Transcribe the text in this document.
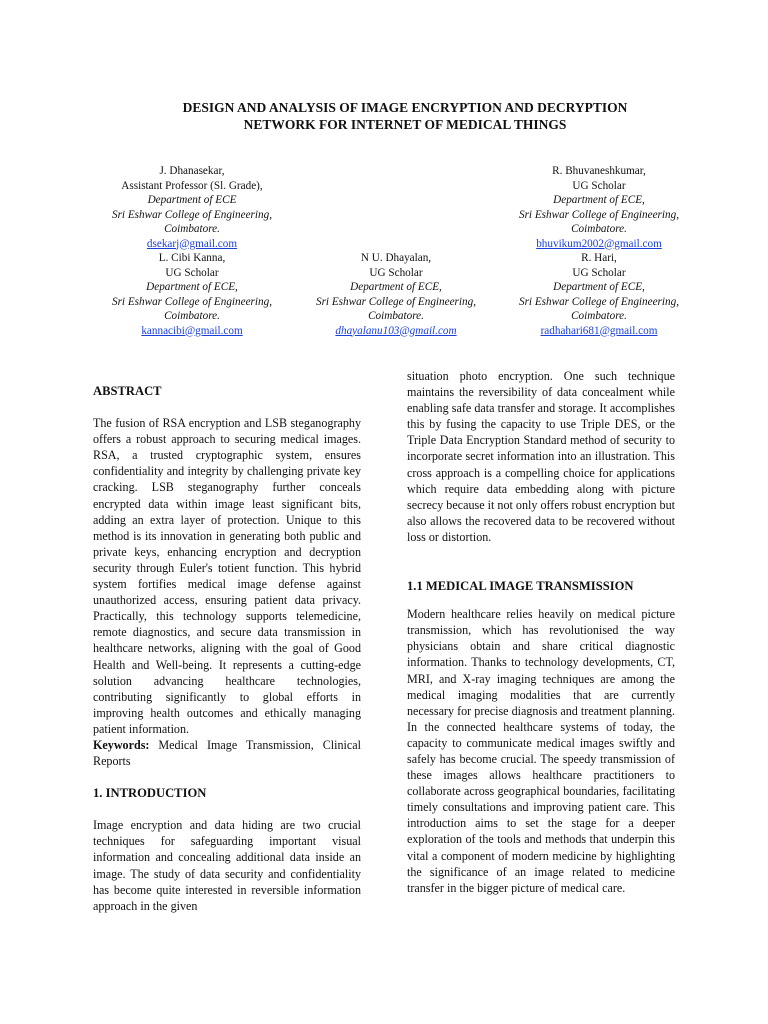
DESIGN AND ANALYSIS OF IMAGE ENCRYPTION AND DECRYPTION
NETWORK FOR INTERNET OF MEDICAL THINGS
J. Dhanasekar,
Assistant Professor (Sl. Grade),
Department of ECE
Sri Eshwar College of Engineering,
Coimbatore.
dsekarj@gmail.com
R. Bhuvaneshkumar,
UG Scholar
Department of ECE,
Sri Eshwar College of Engineering,
Coimbatore.
bhuvikum2002@gmail.com
L. Cibi Kanna,
UG Scholar
Department of ECE,
Sri Eshwar College of Engineering,
Coimbatore.
kannacibi@gmail.com
N U. Dhayalan,
UG Scholar
Department of ECE,
Sri Eshwar College of Engineering,
Coimbatore.
dhayalanu103@gmail.com
R. Hari,
UG Scholar
Department of ECE,
Sri Eshwar College of Engineering,
Coimbatore.
radhahari681@gmail.com

ABSTRACT

The fusion of RSA encryption and LSB steganography offers a robust approach to securing medical images. RSA, a trusted cryptographic system, ensures confidentiality and integrity by challenging private key cracking. LSB steganography further conceals encrypted data within image least significant bits, adding an extra layer of protection. Unique to this method is its innovation in generating both public and private keys, enhancing encryption and decryption security through Euler's totient function. This hybrid system fortifies medical image defense against unauthorized access, ensuring patient data privacy. Practically, this technology supports telemedicine, remote diagnostics, and secure data transmission in healthcare networks, aligning with the goal of Good Health and Well-being. It represents a cutting-edge solution advancing healthcare technologies, contributing significantly to global efforts in improving health outcomes and ethically managing patient information.

Keywords: Medical Image Transmission, Clinical Reports

1. INTRODUCTION

Image encryption and data hiding are two crucial techniques for safeguarding important visual information and concealing additional data inside an image. The study of data security and confidentiality has become quite interested in reversible information approach in the given

situation photo encryption. One such technique maintains the reversibility of data concealment while enabling safe data transfer and storage. It accomplishes this by fusing the capacity to use Triple DES, or the Triple Data Encryption Standard method of security to incorporate secret information into an illustration. This cross approach is a compelling choice for applications which require data embedding along with picture secrecy because it not only offers robust encryption but also allows the recovered data to be recovered without loss or distortion.

1.1 MEDICAL IMAGE TRANSMISSION

Modern healthcare relies heavily on medical picture transmission, which has revolutionised the way physicians obtain and share critical diagnostic information. Thanks to technology developments, CT, MRI, and X-ray imaging techniques are among the medical imaging modalities that are currently necessary for precise diagnosis and treatment planning. In the connected healthcare systems of today, the capacity to communicate medical images swiftly and safely has become crucial. The speedy transmission of these images allows healthcare practitioners to collaborate across geographical boundaries, facilitating timely consultations and improving patient care. This introduction aims to set the stage for a deeper exploration of the tools and methods that underpin this vital a component of modern medicine by highlighting the significance of an image related to medicine transfer in the bigger picture of medical care.
